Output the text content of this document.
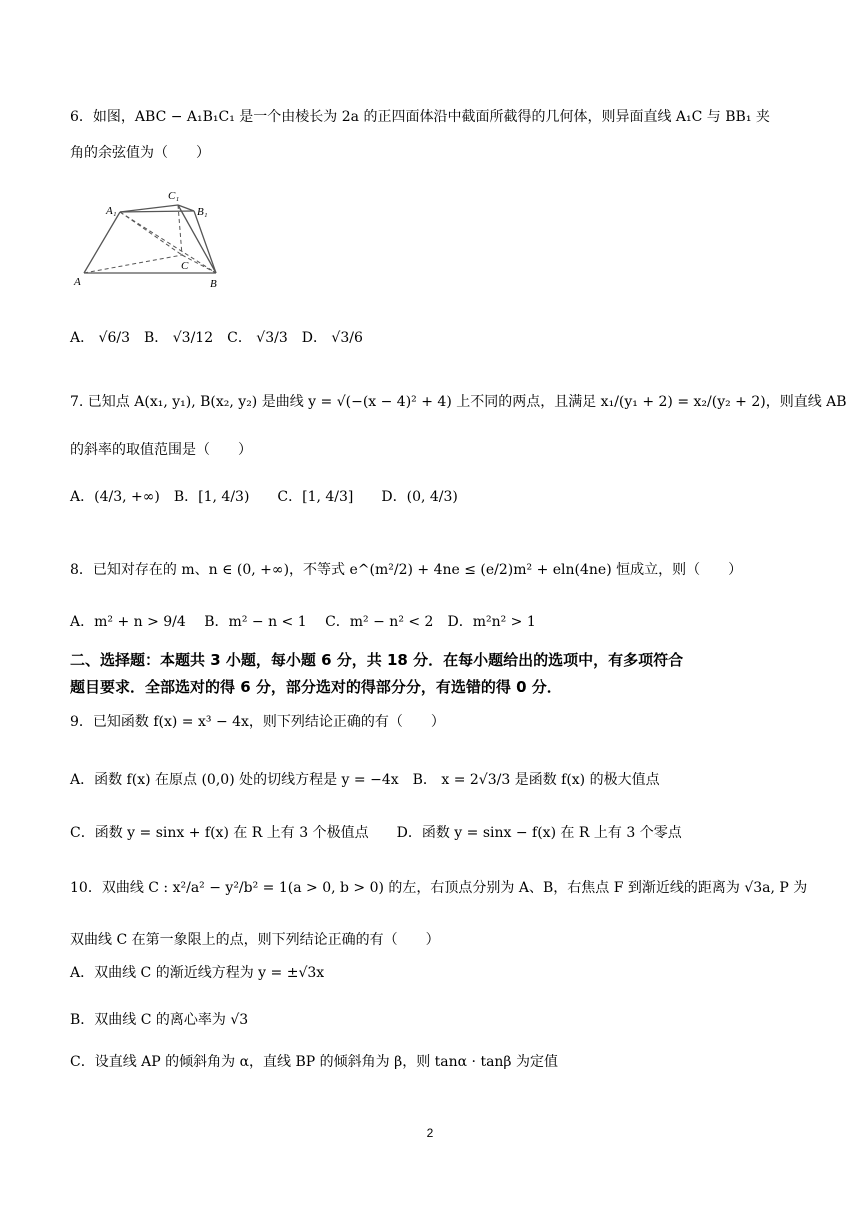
6．如图，ABC − A₁B₁C₁ 是一个由棱长为 2a 的正四面体沿中截面所截得的几何体，则异面直线 A₁C 与 BB₁ 夹
角的余弦值为（　　）
A₁
C₁
B₁
C
A	B
A． √6/3　B． √3/12　C． √3/3　D． √3/6
7. 已知点 A(x₁, y₁), B(x₂, y₂) 是曲线 y = √(−(x − 4)² + 4) 上不同的两点，且满足 x₁/(y₁ + 2) = x₂/(y₂ + 2)，则直线 AB
的斜率的取值范围是（　　）
A．(4/3, +∞)　B．[1, 4/3)　　C．[1, 4/3]　　D．(0, 4/3)
8．已知对存在的 m、n ∈ (0, +∞)，不等式 e^(m²/2) + 4ne ≤ (e/2)m² + eln(4ne) 恒成立，则（　　）
A．m² + n > 9/4　 B．m² − n < 1　 C．m² − n² < 2　D．m²n² > 1
二、选择题：本题共 3 小题，每小题 6 分，共 18 分．在每小题给出的选项中，有多项符合
题目要求．全部选对的得 6 分，部分选对的得部分分，有选错的得 0 分．
9．已知函数 f(x) = x³ − 4x，则下列结论正确的有（　　）
A．函数 f(x) 在原点 (0,0) 处的切线方程是 y = −4x　B． x = 2√3/3 是函数 f(x) 的极大值点
C．函数 y = sinx + f(x) 在 R 上有 3 个极值点　　D．函数 y = sinx − f(x) 在 R 上有 3 个零点
10．双曲线 C : x²/a² − y²/b² = 1(a > 0, b > 0) 的左，右顶点分别为 A、B，右焦点 F 到渐近线的距离为 √3a, P 为
双曲线 C 在第一象限上的点，则下列结论正确的有（　　）
A．双曲线 C 的渐近线方程为 y = ±√3x
B．双曲线 C 的离心率为 √3
C．设直线 AP 的倾斜角为 α，直线 BP 的倾斜角为 β，则 tanα · tanβ 为定值
2
